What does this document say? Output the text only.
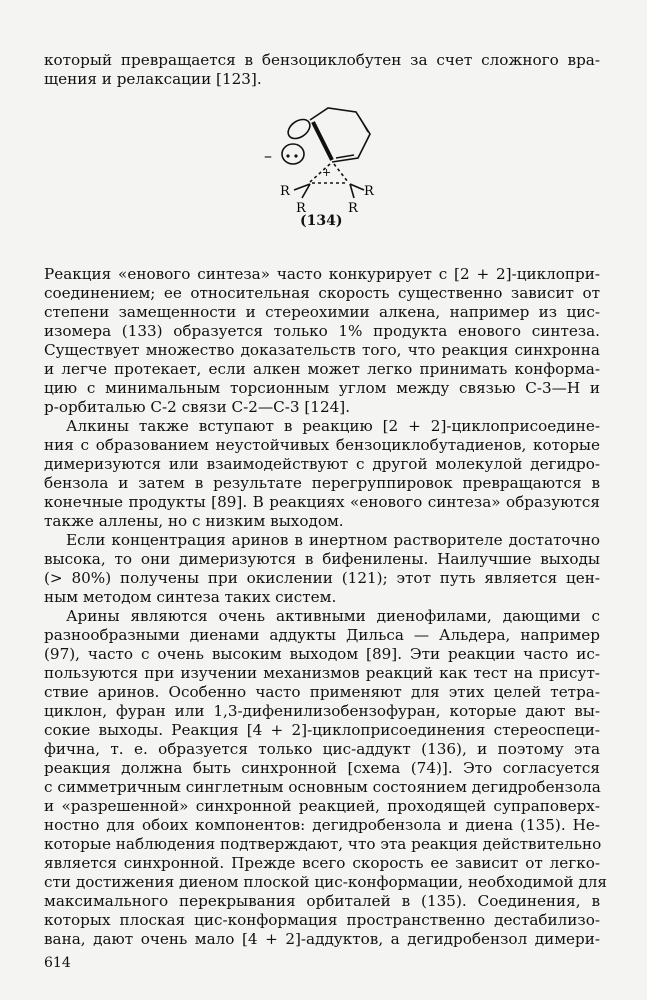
который превращается в бензоциклобутен за счет сложного вра-
щения и релаксации [123].
–
+
R
R
R
R
(134)
Реакция «енового синтеза» часто конкурирует с [2 + 2]-циклопри-
соединением; ее относительная скорость существенно зависит от
степени замещенности и стереохимии алкена, например из цис-
изомера (133) образуется только 1% продукта енового синтеза.
Существует множество доказательств того, что реакция синхронна
и легче протекает, если алкен может легко принимать конформа-
цию с минимальным торсионным углом между связью С-3—Н и
р-орбиталью С-2 связи С-2—С-3 [124].
Алкины также вступают в реакцию [2 + 2]-циклоприсоедине-
ния с образованием неустойчивых бензоциклобутадиенов, которые
димеризуются или взаимодействуют с другой молекулой дегидро-
бензола и затем в результате перегруппировок превращаются в
конечные продукты [89]. В реакциях «енового синтеза» образуются
также аллены, но с низким выходом.
Если концентрация аринов в инертном растворителе достаточно
высока, то они димеризуются в бифенилены. Наилучшие выходы
(> 80%) получены при окислении (121); этот путь является цен-
ным методом синтеза таких систем.
Арины являются очень активными диенофилами, дающими с
разнообразными диенами аддукты Дильса — Альдера, например
(97), часто с очень высоким выходом [89]. Эти реакции часто ис-
пользуются при изучении механизмов реакций как тест на присут-
ствие аринов. Особенно часто применяют для этих целей тетра-
циклон, фуран или 1,3-дифенилизобензофуран, которые дают вы-
сокие выходы. Реакция [4 + 2]-циклоприсоединения стереоспеци-
фична, т. е. образуется только цис-аддукт (136), и поэтому эта
реакция должна быть синхронной [схема (74)]. Это согласуется
с симметричным синглетным основным состоянием дегидробензола
и «разрешенной» синхронной реакцией, проходящей супраповерх-
ностно для обоих компонентов: дегидробензола и диена (135). Не-
которые наблюдения подтверждают, что эта реакция действительно
является синхронной. Прежде всего скорость ее зависит от легко-
сти достижения диеном плоской цис-конформации, необходимой для
максимального перекрывания орбиталей в (135). Соединения, в
которых плоская цис-конформация пространственно дестабилизо-
вана, дают очень мало [4 + 2]-аддуктов, а дегидробензол димери-
614
